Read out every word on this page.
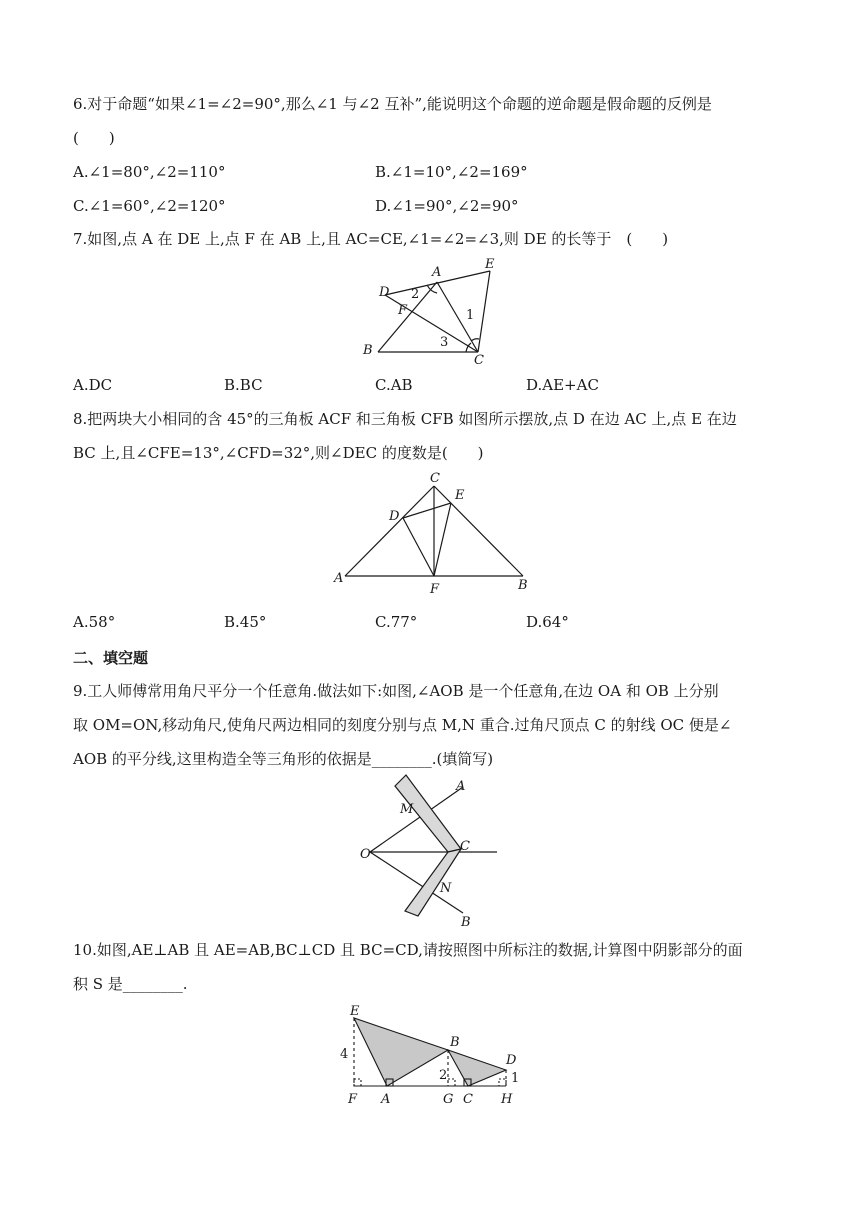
6.对于命题“如果∠1=∠2=90°,那么∠1 与∠2 互补”,能说明这个命题的逆命题是假命题的反例是
(　　)
A.∠1=80°,∠2=110°	B.∠1=10°,∠2=169°
C.∠1=60°,∠2=120°	D.∠1=90°,∠2=90°
7.如图,点 A 在 DE 上,点 F 在 AB 上,且 AC=CE,∠1=∠2=∠3,则 DE 的长等于　(　　)
A
E
D 2
F	1
B
3
C
A.DC	B.BC	C.AB	D.AE+AC
8.把两块大小相同的含 45°的三角板 ACF 和三角板 CFB 如图所示摆放,点 D 在边 AC 上,点 E 在边
BC 上,且∠CFE=13°,∠CFD=32°,则∠DEC 的度数是(　　)
C
E
D
A
F	B
A.58°	B.45°	C.77°	D.64°
二、填空题
9.工人师傅常用角尺平分一个任意角.做法如下:如图,∠AOB 是一个任意角,在边 OA 和 OB 上分别
取 OM=ON,移动角尺,使角尺两边相同的刻度分别与点 M,N 重合.过角尺顶点 C 的射线 OC 便是∠
AOB 的平分线,这里构造全等三角形的依据是________.(填简写)
A
M
O
C
N
B
10.如图,AE⊥AB 且 AE=AB,BC⊥CD 且 BC=CD,请按照图中所标注的数据,计算图中阴影部分的面
积 S 是________.
E
B
D
4
2	1
F A	G C H
